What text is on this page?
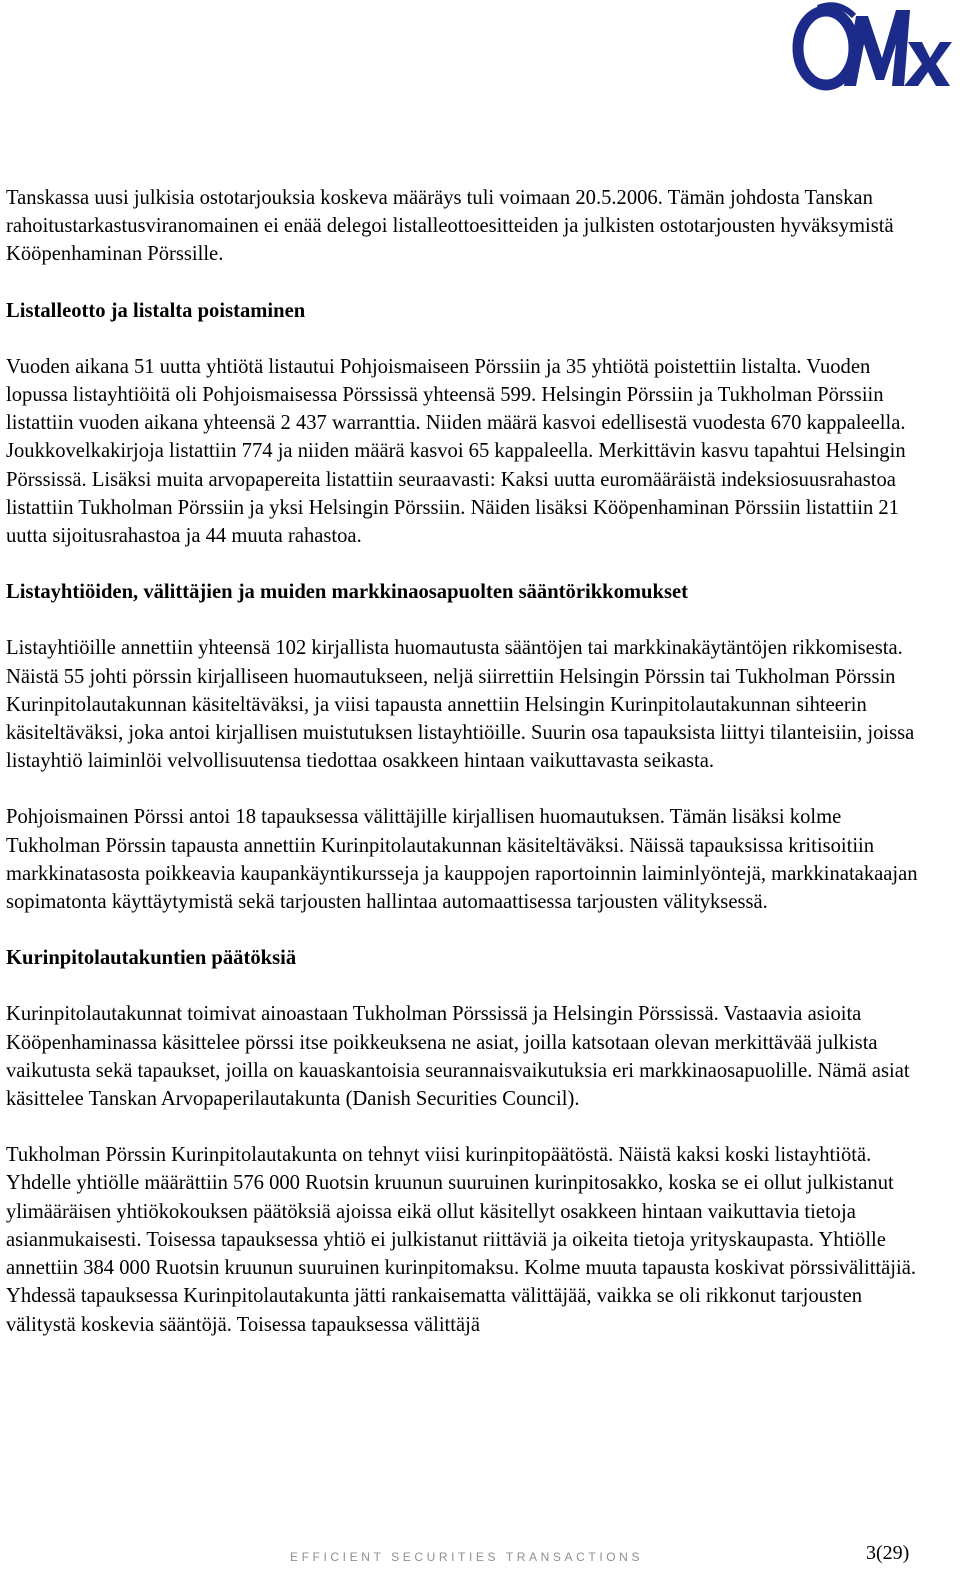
Tanskassa uusi julkisia ostotarjouksia koskeva määräys tuli voimaan 20.5.2006. Tämän johdosta Tanskan rahoitustarkastusviranomainen ei enää delegoi listalleottoesitteiden ja julkisten ostotarjousten hyväksymistä Kööpenhaminan Pörssille.

Listalleotto ja listalta poistaminen

Vuoden aikana 51 uutta yhtiötä listautui Pohjoismaiseen Pörssiin ja 35 yhtiötä poistettiin listalta. Vuoden lopussa listayhtiöitä oli Pohjoismaisessa Pörssissä yhteensä 599. Helsingin Pörssiin ja Tukholman Pörssiin listattiin vuoden aikana yhteensä 2 437 warranttia. Niiden määrä kasvoi edellisestä vuodesta 670 kappaleella. Joukkovelkakirjoja listattiin 774 ja niiden määrä kasvoi 65 kappaleella. Merkittävin kasvu tapahtui Helsingin Pörssissä. Lisäksi muita arvopapereita listattiin seuraavasti: Kaksi uutta euromääräistä indeksiosuusrahastoa listattiin Tukholman Pörssiin ja yksi Helsingin Pörssiin. Näiden lisäksi Kööpenhaminan Pörssiin listattiin 21 uutta sijoitusrahastoa ja 44 muuta rahastoa.

Listayhtiöiden, välittäjien ja muiden markkinaosapuolten sääntörikkomukset

Listayhtiöille annettiin yhteensä 102 kirjallista huomautusta sääntöjen tai markkinakäytäntöjen rikkomisesta. Näistä 55 johti pörssin kirjalliseen huomautukseen, neljä siirrettiin Helsingin Pörssin tai Tukholman Pörssin Kurinpitolautakunnan käsiteltäväksi, ja viisi tapausta annettiin Helsingin Kurinpitolautakunnan sihteerin käsiteltäväksi, joka antoi kirjallisen muistutuksen listayhtiöille. Suurin osa tapauksista liittyi tilanteisiin, joissa listayhtiö laiminlöi velvollisuutensa tiedottaa osakkeen hintaan vaikuttavasta seikasta.

Pohjoismainen Pörssi antoi 18 tapauksessa välittäjille kirjallisen huomautuksen. Tämän lisäksi kolme Tukholman Pörssin tapausta annettiin Kurinpitolautakunnan käsiteltäväksi. Näissä tapauksissa kritisoitiin markkinatasosta poikkeavia kaupankäyntikursseja ja kauppojen raportoinnin laiminlyöntejä, markkinatakaajan sopimatonta käyttäytymistä sekä tarjousten hallintaa automaattisessa tarjousten välityksessä.

Kurinpitolautakuntien päätöksiä

Kurinpitolautakunnat toimivat ainoastaan Tukholman Pörssissä ja Helsingin Pörssissä. Vastaavia asioita Kööpenhaminassa käsittelee pörssi itse poikkeuksena ne asiat, joilla katsotaan olevan merkittävää julkista vaikutusta sekä tapaukset, joilla on kauaskantoisia seurannaisvaikutuksia eri markkinaosapuolille. Nämä asiat käsittelee Tanskan Arvopaperilautakunta (Danish Securities Council).

Tukholman Pörssin Kurinpitolautakunta on tehnyt viisi kurinpitopäätöstä. Näistä kaksi koski listayhtiötä. Yhdelle yhtiölle määrättiin 576 000 Ruotsin kruunun suuruinen kurinpitosakko, koska se ei ollut julkistanut ylimääräisen yhtiökokouksen päätöksiä ajoissa eikä ollut käsitellyt osakkeen hintaan vaikuttavia tietoja asianmukaisesti. Toisessa tapauksessa yhtiö ei julkistanut riittäviä ja oikeita tietoja yrityskaupasta. Yhtiölle annettiin 384 000 Ruotsin kruunun suuruinen kurinpitomaksu. Kolme muuta tapausta koskivat pörssivälittäjiä. Yhdessä tapauksessa Kurinpitolautakunta jätti rankaisematta välittäjää, vaikka se oli rikkonut tarjousten välitystä koskevia sääntöjä. Toisessa tapauksessa välittäjä

EFFICIENT SECURITIES TRANSACTIONS	3(29)
